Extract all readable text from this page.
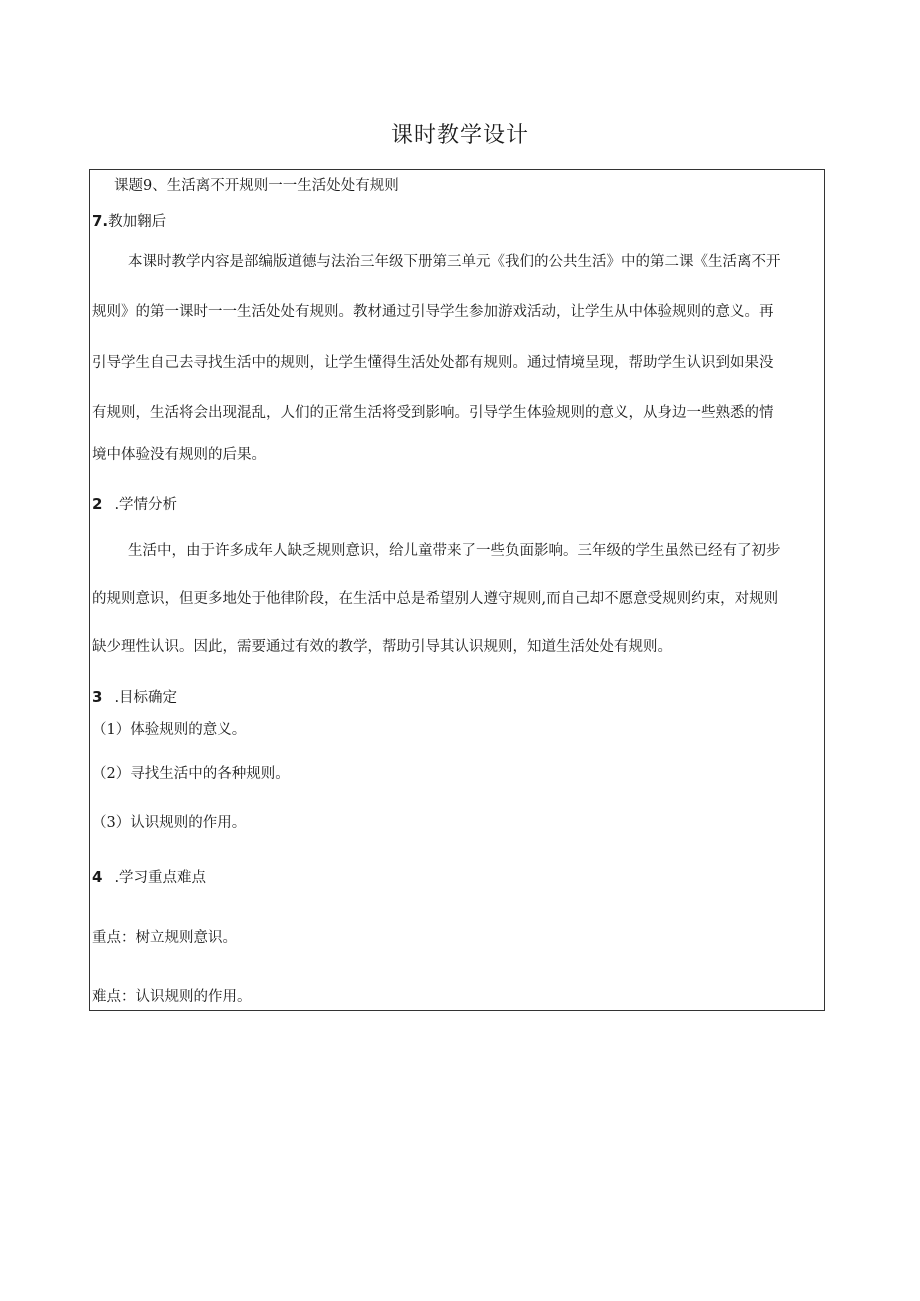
课时教学设计
课题9、生活离不开规则一一生活处处有规则
7.教加翱后
本课时教学内容是部编版道德与法治三年级下册第三单元《我们的公共生活》中的第二课《生活离不开
规则》的第一课时一一生活处处有规则。教材通过引导学生参加游戏活动，让学生从中体验规则的意义。再
引导学生自己去寻找生活中的规则，让学生懂得生活处处都有规则。通过情境呈现，帮助学生认识到如果没
有规则，生活将会出现混乱，人们的正常生活将受到影响。引导学生体验规则的意义，从身边一些熟悉的情
境中体验没有规则的后果。
2 .学情分析
生活中，由于许多成年人缺乏规则意识，给儿童带来了一些负面影响。三年级的学生虽然已经有了初步
的规则意识，但更多地处于他律阶段，在生活中总是希望别人遵守规则,而自己却不愿意受规则约束，对规则
缺少理性认识。因此，需要通过有效的教学，帮助引导其认识规则，知道生活处处有规则。
3 .目标确定
（1）体验规则的意义。
（2）寻找生活中的各种规则。
（3）认识规则的作用。
4 .学习重点难点
重点：树立规则意识。
难点：认识规则的作用。
